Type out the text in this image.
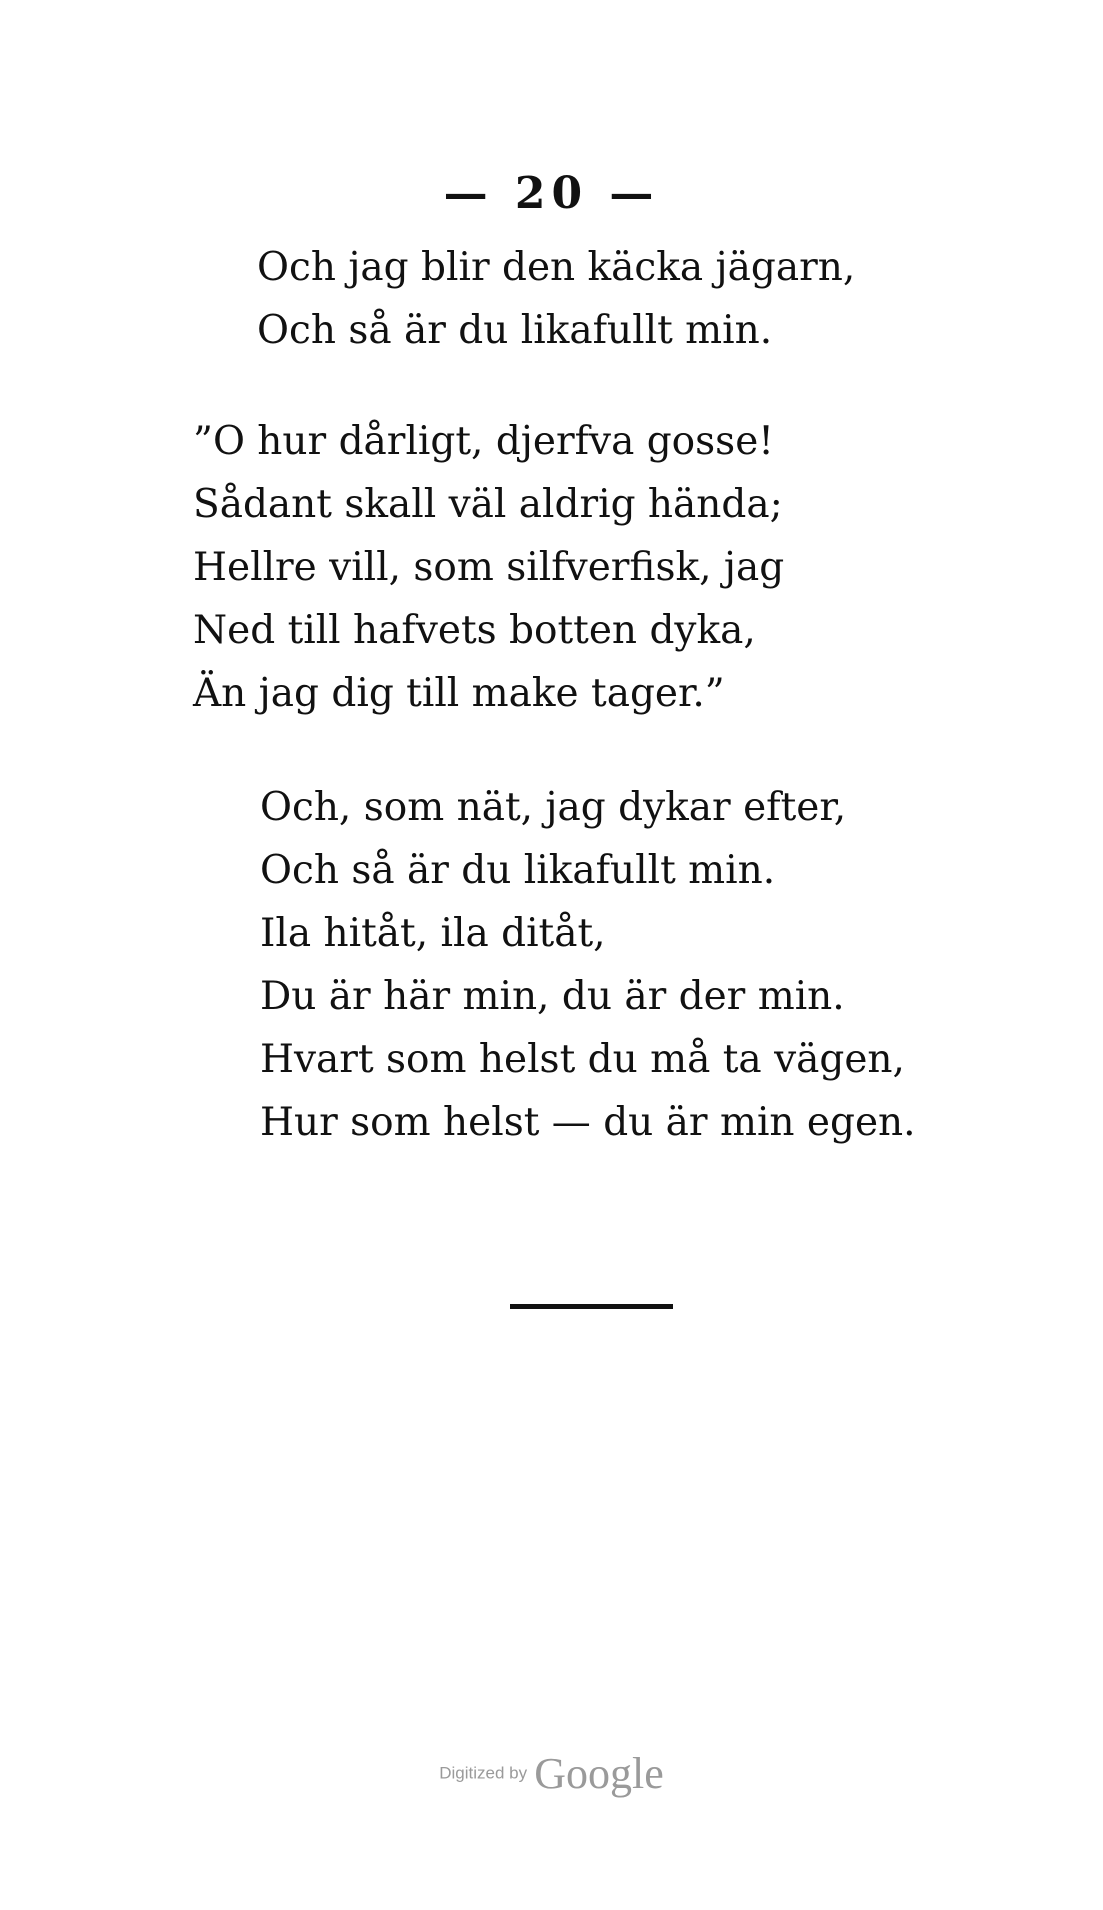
— 20 —
Och jag blir den käcka jägarn,
Och så är du likafullt min.
”O hur dårligt, djerfva gosse!
Sådant skall väl aldrig hända;
Hellre vill, som silfverfisk, jag
Ned till hafvets botten dyka,
Än jag dig till make tager.”
Och, som nät, jag dykar efter,
Och så är du likafullt min.
Ila hitåt, ila ditåt,
Du är här min, du är der min.
Hvart som helst du må ta vägen,
Hur som helst — du är min egen.
Digitized by Google
